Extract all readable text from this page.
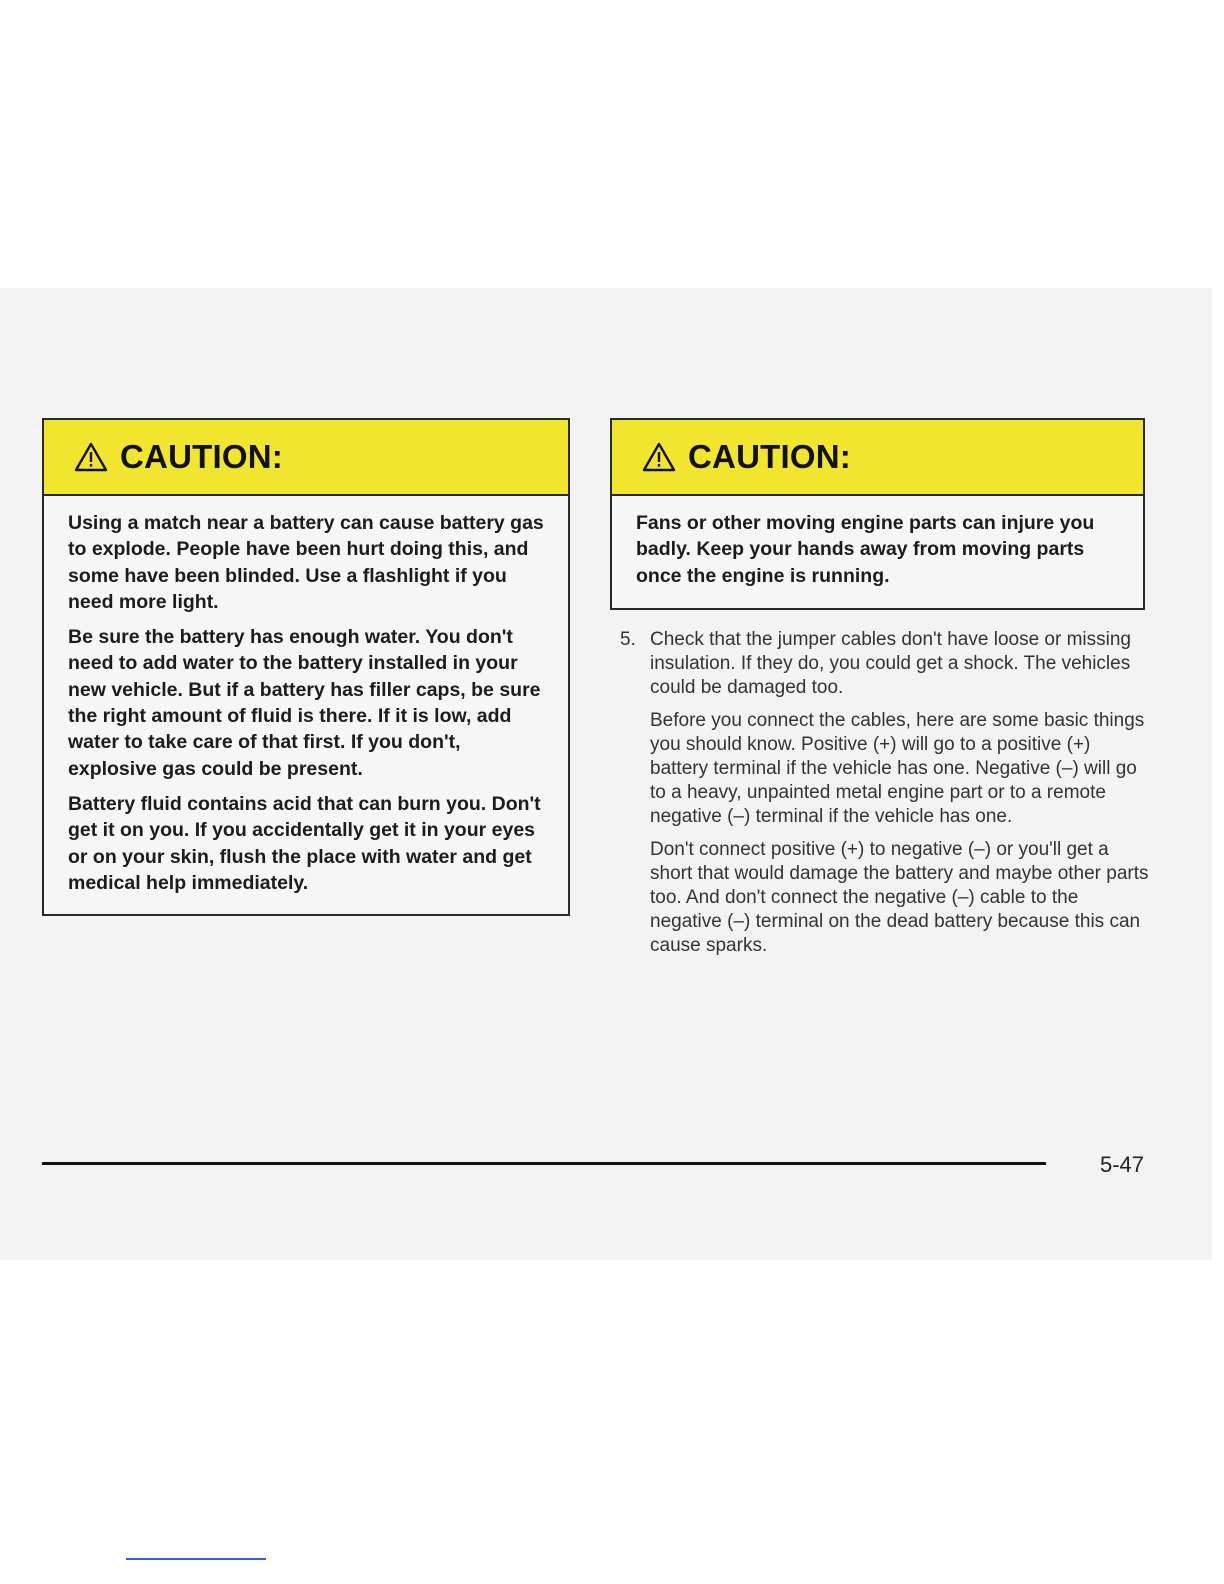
CAUTION:

Using a match near a battery can cause battery gas to explode. People have been hurt doing this, and some have been blinded. Use a flashlight if you need more light.

Be sure the battery has enough water. You don't need to add water to the battery installed in your new vehicle. But if a battery has filler caps, be sure the right amount of fluid is there. If it is low, add water to take care of that first. If you don't, explosive gas could be present.

Battery fluid contains acid that can burn you. Don't get it on you. If you accidentally get it in your eyes or on your skin, flush the place with water and get medical help immediately.

CAUTION:

Fans or other moving engine parts can injure you badly. Keep your hands away from moving parts once the engine is running.

5. Check that the jumper cables don't have loose or missing insulation. If they do, you could get a shock. The vehicles could be damaged too.

Before you connect the cables, here are some basic things you should know. Positive (+) will go to a positive (+) battery terminal if the vehicle has one. Negative (–) will go to a heavy, unpainted metal engine part or to a remote negative (–) terminal if the vehicle has one.

Don't connect positive (+) to negative (–) or you'll get a short that would damage the battery and maybe other parts too. And don't connect the negative (–) cable to the negative (–) terminal on the dead battery because this can cause sparks.

5-47
